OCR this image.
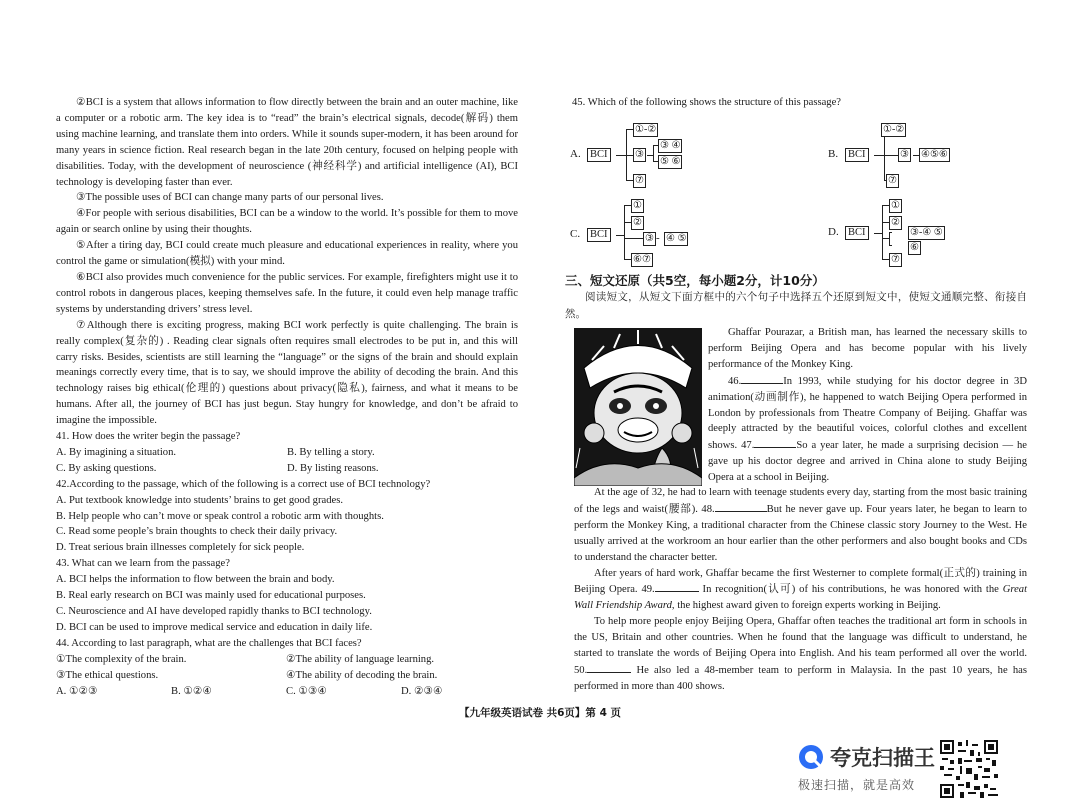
②BCI is a system that allows information to flow directly between the brain and an outer machine, like a computer or a robotic arm. The key idea is to “read” the brain’s electrical signals, decode(解码) them using machine learning, and translate them into orders. While it sounds super-modern, it has been around for many years in science fiction. Real research began in the late 20th century, focused on helping people with disabilities. Today, with the development of neuroscience (神经科学) and artificial intelligence (AI), BCI technology is developing faster than ever.

③The possible uses of BCI can change many parts of our personal lives.

④For people with serious disabilities, BCI can be a window to the world. It’s possible for them to move again or search online by using their thoughts.

⑤After a tiring day, BCI could create much pleasure and educational experiences in reality, where you control the game or simulation(模拟) with your mind.

⑥BCI also provides much convenience for the public services. For example, firefighters might use it to control robots in dangerous places, keeping themselves safe. In the future, it could even help manage traffic systems by understanding drivers’ stress level.

⑦Although there is exciting progress, making BCI work perfectly is quite challenging. The brain is really complex(复杂的) . Reading clear signals often requires small electrodes to be put in, and this will carry risks. Besides, scientists are still learning the “language” or the signs of the brain and should explain meanings correctly every time, that is to say, we should improve the ability of decoding the brain. And this technology raises big ethical(伦理的) questions about privacy(隐私), fairness, and what it means to be humans. After all, the journey of BCI has just begun. Stay hungry for knowledge, and don’t be afraid to imagine the impossible.

41. How does the writer begin the passage?

A. By imagining a situation.	B. By telling a story.
C. By asking questions.	D. By listing reasons.

42.According to the passage, which of the following is a correct use of BCI technology?

A. Put textbook knowledge into students’ brains to get good grades.

B. Help people who can’t move or speak control a robotic arm with thoughts.

C. Read some people’s brain thoughts to check their daily privacy.

D. Treat serious brain illnesses completely for sick people.

43. What can we learn from the passage?

A. BCI helps the information to flow between the brain and body.

B. Real early research on BCI was mainly used for educational purposes.

C. Neuroscience and AI have developed rapidly thanks to BCI technology.

D. BCI can be used to improve medical service and education in daily life.

44. According to last paragraph, what are the challenges that BCI faces?

①The complexity of the brain.	②The ability of language learning.
③The ethical questions.	④The ability of decoding the brain.
A. ①②③	B. ①②④	C. ①③④	D. ②③④

45. Which of the following shows the structure of this passage?

A. BCI
①-②
③
③ ④
⑤ ⑥
⑦
B. BCI
①-②
③ ④⑤⑥
⑦
C. BCI
①
②
③ - ④ ⑤
⑥⑦
D. BCI
①
②
③-④ ⑤
⑥
⑦

三、短文还原（共5空，每小题2分，计10分）

阅读短文，从短文下面方框中的六个句子中选择五个还原到短文中，使短文通顺完整、衔接自然。

Ghaffar Pourazar, a British man, has learned the necessary skills to perform Beijing Opera and has become popular with his lively performance of the Monkey King.

46.	In 1993, while studying for his doctor degree in 3D animation(动画制作), he happened to watch Beijing Opera performed in London by professionals from Theatre Company of Beijing. Ghaffar was deeply attracted by the beautiful voices, colorful clothes and excellent shows. 47.	So a year later, he made a surprising decision — he gave up his doctor degree and arrived in China alone to study Beijing Opera at a school in Beijing.

At the age of 32, he had to learn with teenage students every day, starting from the most basic training of the legs and waist(腰部). 48.	But he never gave up. Four years later, he began to learn to perform the Monkey King, a traditional character from the Chinese classic story Journey to the West. He usually arrived at the workroom an hour earlier than the other performers and also bought books and CDs to understand the character better.

After years of hard work, Ghaffar became the first Westerner to complete formal(正式的) training in Beijing Opera. 49.	In recognition(认可) of his contributions, he was honored with the Great Wall Friendship Award, the highest award given to foreign experts working in Beijing.

To help more people enjoy Beijing Opera, Ghaffar often teaches the traditional art form in schools in the US, Britain and other countries. When he found that the language was difficult to understand, he started to translate the words of Beijing Opera into English. And his team performed all over the world. 50.	He also led a 48-member team to perform in Malaysia. In the past 10 years, he has performed in more than 400 shows.

【九年级英语试卷 共6页】第 4 页
夸克扫描王
极速扫描，就是高效
